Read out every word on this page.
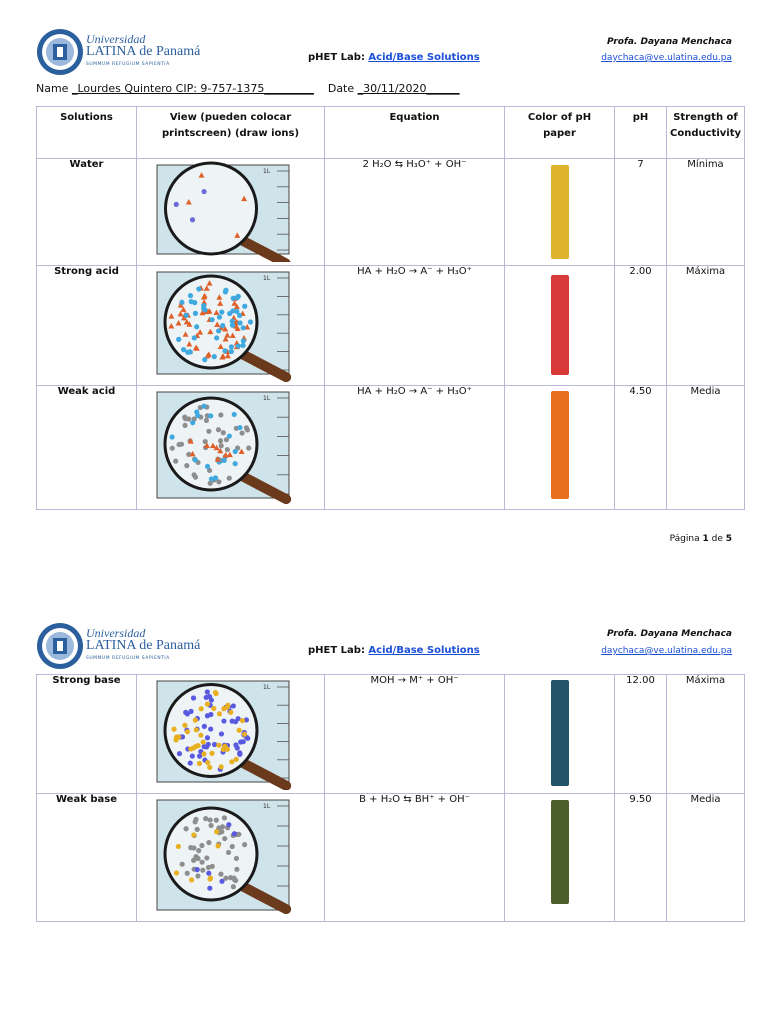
Universidad
LATINA de Panamá
SUMMUM REFUGIUM SAPIENTIA
pHET Lab: Acid/Base Solutions
Profa. Dayana Menchaca
daychaca@ve.ulatina.edu.pa
Name _Lourdes Quintero CIP: 9-757-1375_________ Date _30/11/2020______
Solutions	View (pueden colocar printscreen) (draw ions)	Equation	Color of pH paper	pH	Strength of Conductivity
Water	1L	2 H₂O ⇆ H₃O⁺ + OH⁻		7	Mínima
Strong acid	1L	HA + H₂O → A⁻ + H₃O⁺		2.00	Máxima
Weak acid	1L	HA + H₂O → A⁻ + H₃O⁺		4.50	Media
Página 1 de 5
Universidad
LATINA de Panamá
SUMMUM REFUGIUM SAPIENTIA
pHET Lab: Acid/Base Solutions
Profa. Dayana Menchaca
daychaca@ve.ulatina.edu.pa
Strong base	1L	MOH → M⁺ + OH⁻		12.00	Máxima
Weak base	1L	B + H₂O ⇆ BH⁺ + OH⁻		9.50	Media
